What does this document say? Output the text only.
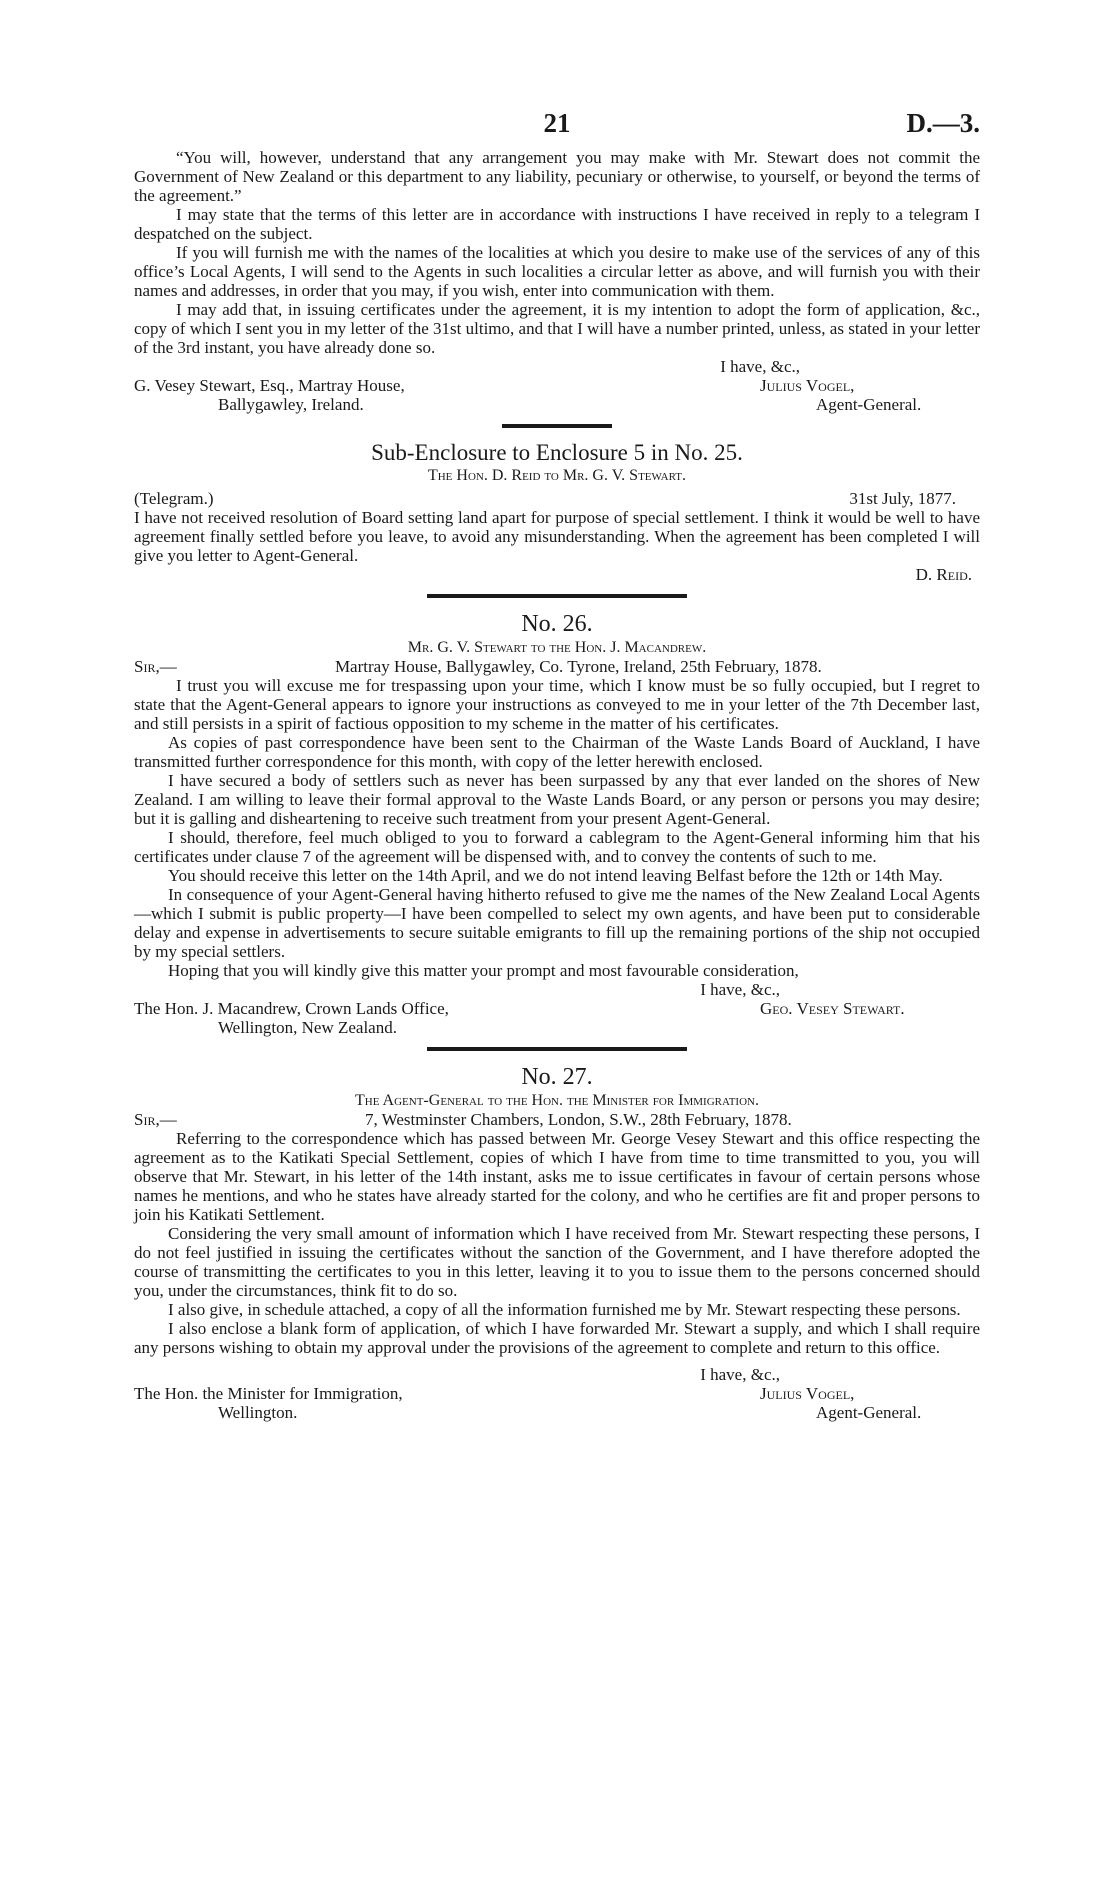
21	D.—3.

“You will, however, understand that any arrangement you may make with Mr. Stewart does not commit the Government of New Zealand or this department to any liability, pecuniary or otherwise, to yourself, or beyond the terms of the agreement.”

I may state that the terms of this letter are in accordance with instructions I have received in reply to a telegram I despatched on the subject.

If you will furnish me with the names of the localities at which you desire to make use of the services of any of this office’s Local Agents, I will send to the Agents in such localities a circular letter as above, and will furnish you with their names and addresses, in order that you may, if you wish, enter into communication with them.

I may add that, in issuing certificates under the agreement, it is my intention to adopt the form of application, &c., copy of which I sent you in my letter of the 31st ultimo, and that I will have a number printed, unless, as stated in your letter of the 3rd instant, you have already done so.

I have, &c.,
G. Vesey Stewart, Esq., Martray House,
Ballygawley, Ireland.
Julius Vogel,
Agent-General.
Sub-Enclosure to Enclosure 5 in No. 25.
The Hon. D. Reid to Mr. G. V. Stewart.
(Telegram.)	31st July, 1877.

I have not received resolution of Board setting land apart for purpose of special settlement. I think it would be well to have agreement finally settled before you leave, to avoid any misunderstanding. When the agreement has been completed I will give you letter to Agent-General.

D. Reid.
No. 26.
Mr. G. V. Stewart to the Hon. J. Macandrew.
Sir,—	Martray House, Ballygawley, Co. Tyrone, Ireland, 25th February, 1878.

I trust you will excuse me for trespassing upon your time, which I know must be so fully occupied, but I regret to state that the Agent-General appears to ignore your instructions as conveyed to me in your letter of the 7th December last, and still persists in a spirit of factious opposition to my scheme in the matter of his certificates.

As copies of past correspondence have been sent to the Chairman of the Waste Lands Board of Auckland, I have transmitted further correspondence for this month, with copy of the letter herewith enclosed.

I have secured a body of settlers such as never has been surpassed by any that ever landed on the shores of New Zealand. I am willing to leave their formal approval to the Waste Lands Board, or any person or persons you may desire; but it is galling and disheartening to receive such treatment from your present Agent-General.

I should, therefore, feel much obliged to you to forward a cablegram to the Agent-General informing him that his certificates under clause 7 of the agreement will be dispensed with, and to convey the contents of such to me.

You should receive this letter on the 14th April, and we do not intend leaving Belfast before the 12th or 14th May.

In consequence of your Agent-General having hitherto refused to give me the names of the New Zealand Local Agents—which I submit is public property—I have been compelled to select my own agents, and have been put to considerable delay and expense in advertisements to secure suitable emigrants to fill up the remaining portions of the ship not occupied by my special settlers.

Hoping that you will kindly give this matter your prompt and most favourable consideration,

I have, &c.,
The Hon. J. Macandrew, Crown Lands Office,
Wellington, New Zealand.
Geo. Vesey Stewart.
No. 27.
The Agent-General to the Hon. the Minister for Immigration.
Sir,—	7, Westminster Chambers, London, S.W., 28th February, 1878.

Referring to the correspondence which has passed between Mr. George Vesey Stewart and this office respecting the agreement as to the Katikati Special Settlement, copies of which I have from time to time transmitted to you, you will observe that Mr. Stewart, in his letter of the 14th instant, asks me to issue certificates in favour of certain persons whose names he mentions, and who he states have already started for the colony, and who he certifies are fit and proper persons to join his Katikati Settlement.

Considering the very small amount of information which I have received from Mr. Stewart respecting these persons, I do not feel justified in issuing the certificates without the sanction of the Government, and I have therefore adopted the course of transmitting the certificates to you in this letter, leaving it to you to issue them to the persons concerned should you, under the circumstances, think fit to do so.

I also give, in schedule attached, a copy of all the information furnished me by Mr. Stewart respecting these persons.

I also enclose a blank form of application, of which I have forwarded Mr. Stewart a supply, and which I shall require any persons wishing to obtain my approval under the provisions of the agreement to complete and return to this office.

I have, &c.,
The Hon. the Minister for Immigration,
Wellington.
Julius Vogel,
Agent-General.
